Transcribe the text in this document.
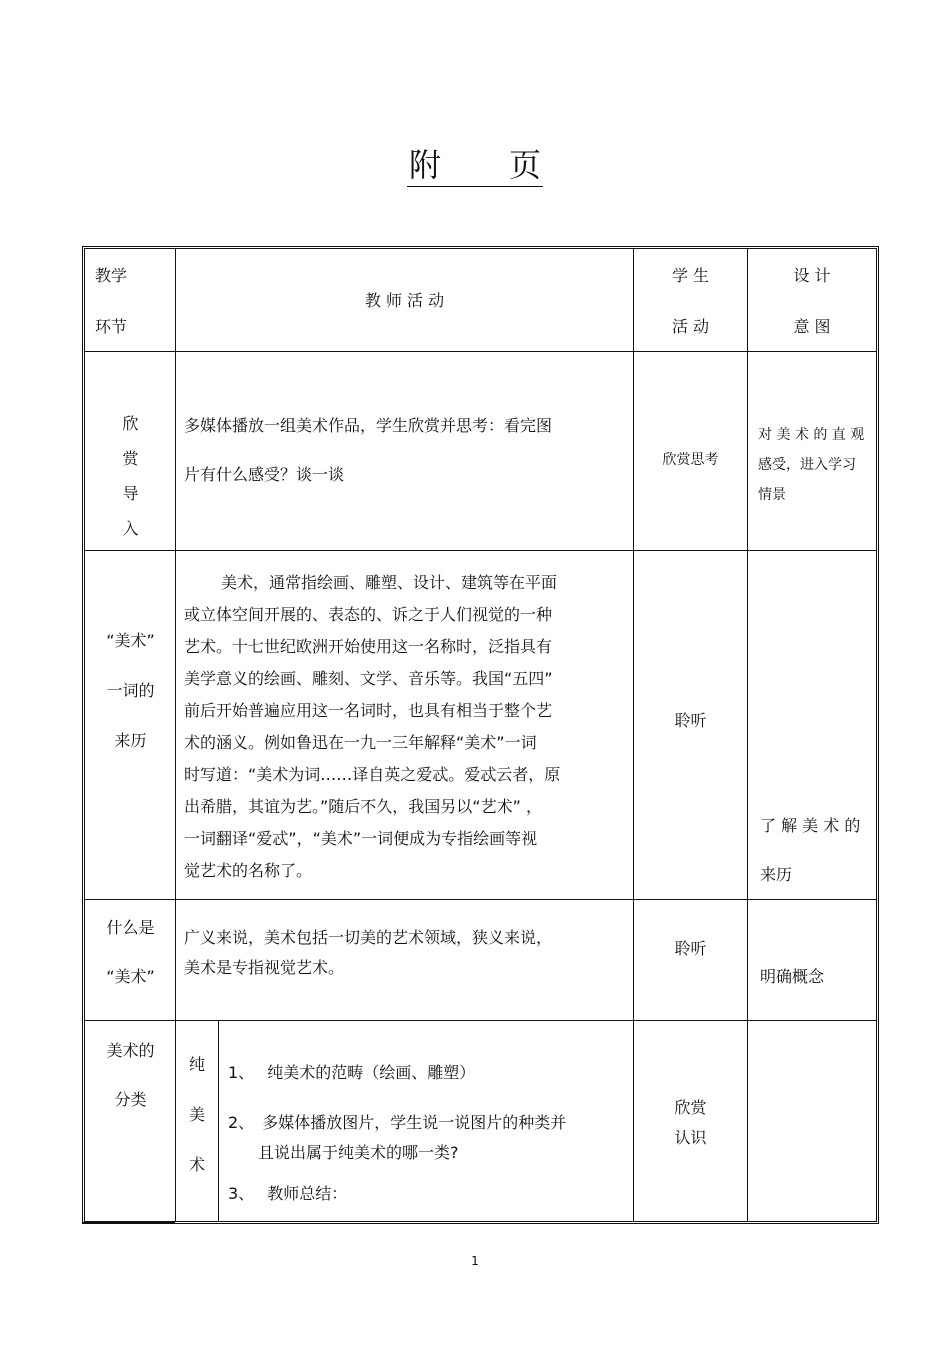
附 页
教学
环节
教 师 活 动
学 生
活 动
设 计
意 图
欣
赏
导
入
多媒体播放一组美术作品，学生欣赏并思考：看完图
片有什么感受？谈一谈
欣赏思考
对 美 术 的 直 观
感受，进入学习
情景
“美术”
一词的
来历
美术，通常指绘画、雕塑、设计、建筑等在平面
或立体空间开展的、表态的、诉之于人们视觉的一种
艺术。十七世纪欧洲开始使用这一名称时，泛指具有
美学意义的绘画、雕刻、文学、音乐等。我国“五四”
前后开始普遍应用这一名词时，也具有相当于整个艺
术的涵义。例如鲁迅在一九一三年解释“美术”一词
时写道：“美术为词……译自英之爱忒。爱忒云者，原
出希腊，其谊为艺。”随后不久，我国另以“艺术” ，
一词翻译“爱忒”，“美术”一词便成为专指绘画等视
觉艺术的名称了。
聆听
了 解 美 术 的
来历
什么是
“美术”
广义来说，美术包括一切美的艺术领域，狭义来说，
美术是专指视觉艺术。
聆听
明确概念
美术的
分类
纯
美
术
1、 纯美术的范畴（绘画、雕塑）
2、 多媒体播放图片，学生说一说图片的种类并
且说出属于纯美术的哪一类?
3、 教师总结：
欣赏
认识
1
